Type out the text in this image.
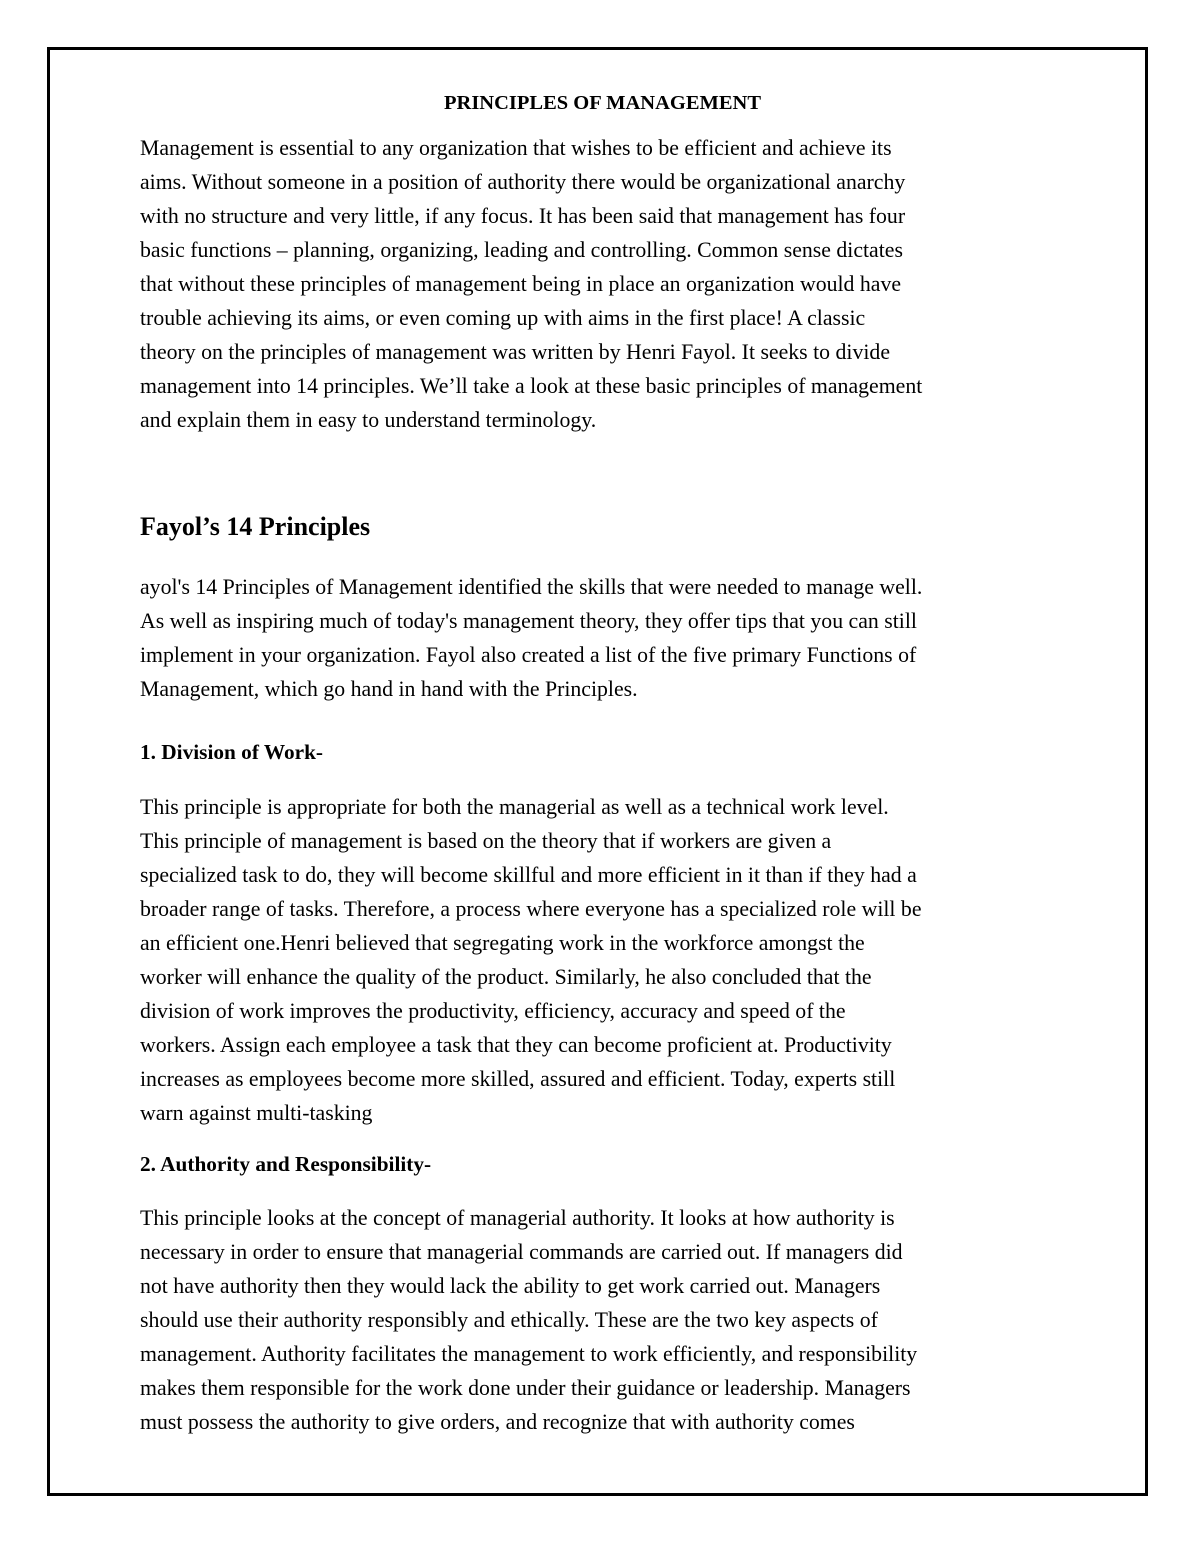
PRINCIPLES OF MANAGEMENT

Management is essential to any organization that wishes to be efficient and achieve its
aims. Without someone in a position of authority there would be organizational anarchy
with no structure and very little, if any focus. It has been said that management has four
basic functions – planning, organizing, leading and controlling. Common sense dictates
that without these principles of management being in place an organization would have
trouble achieving its aims, or even coming up with aims in the first place! A classic
theory on the principles of management was written by Henri Fayol. It seeks to divide
management into 14 principles. We’ll take a look at these basic principles of management
and explain them in easy to understand terminology.

Fayol’s 14 Principles

ayol's 14 Principles of Management identified the skills that were needed to manage well.
As well as inspiring much of today's management theory, they offer tips that you can still
implement in your organization. Fayol also created a list of the five primary Functions of
Management, which go hand in hand with the Principles.

1. Division of Work-

This principle is appropriate for both the managerial as well as a technical work level.
This principle of management is based on the theory that if workers are given a
specialized task to do, they will become skillful and more efficient in it than if they had a
broader range of tasks. Therefore, a process where everyone has a specialized role will be
an efficient one.Henri believed that segregating work in the workforce amongst the
worker will enhance the quality of the product. Similarly, he also concluded that the
division of work improves the productivity, efficiency, accuracy and speed of the
workers. Assign each employee a task that they can become proficient at. Productivity
increases as employees become more skilled, assured and efficient. Today, experts still
warn against multi-tasking

2. Authority and Responsibility-

This principle looks at the concept of managerial authority. It looks at how authority is
necessary in order to ensure that managerial commands are carried out. If managers did
not have authority then they would lack the ability to get work carried out. Managers
should use their authority responsibly and ethically. These are the two key aspects of
management. Authority facilitates the management to work efficiently, and responsibility
makes them responsible for the work done under their guidance or leadership. Managers
must possess the authority to give orders, and recognize that with authority comes
